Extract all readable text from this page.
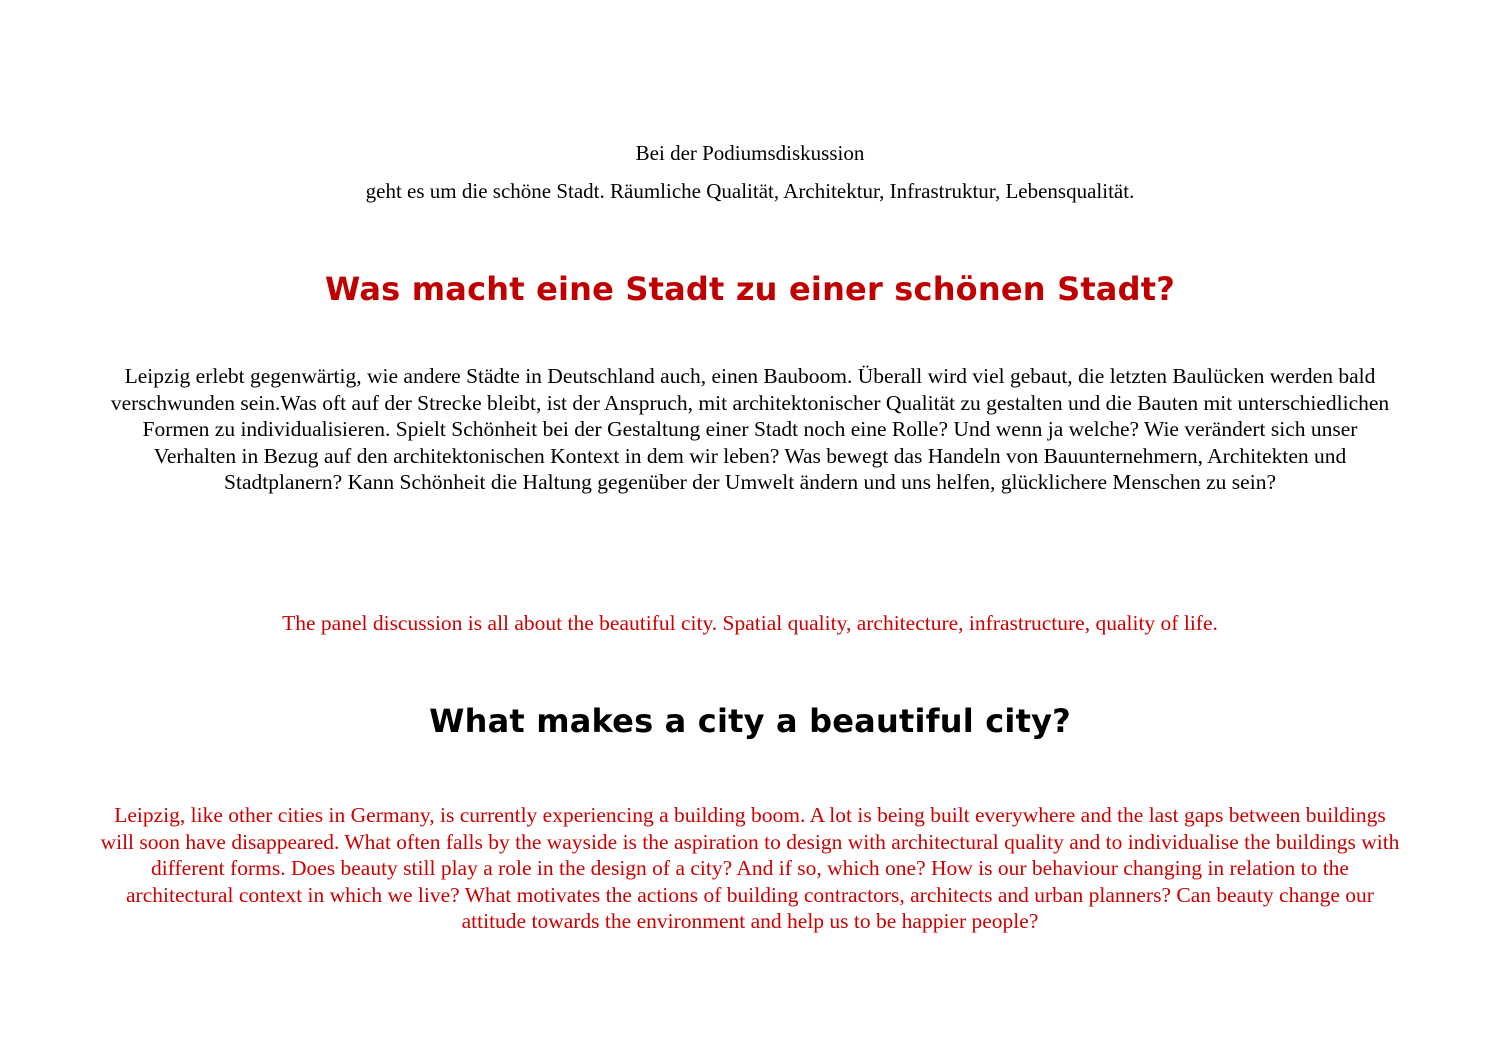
Bei der Podiumsdiskussion

geht es um die schöne Stadt. Räumliche Qualität, Architektur, Infrastruktur, Lebensqualität.

Was macht eine Stadt zu einer schönen Stadt?

Leipzig erlebt gegenwärtig, wie andere Städte in Deutschland auch, einen Bauboom. Überall wird viel gebaut, die letzten Baulücken werden bald verschwunden sein.Was oft auf der Strecke bleibt, ist der Anspruch, mit architektonischer Qualität zu gestalten und die Bauten mit unterschiedlichen Formen zu individualisieren. Spielt Schönheit bei der Gestaltung einer Stadt noch eine Rolle? Und wenn ja welche? Wie verändert sich unser Verhalten in Bezug auf den architektonischen Kontext in dem wir leben? Was bewegt das Handeln von Bauunternehmern, Architekten und Stadtplanern? Kann Schönheit die Haltung gegenüber der Umwelt ändern und uns helfen, glücklichere Menschen zu sein?

The panel discussion is all about the beautiful city. Spatial quality, architecture, infrastructure, quality of life.

What makes a city a beautiful city?

Leipzig, like other cities in Germany, is currently experiencing a building boom. A lot is being built everywhere and the last gaps between buildings will soon have disappeared. What often falls by the wayside is the aspiration to design with architectural quality and to individualise the buildings with different forms. Does beauty still play a role in the design of a city? And if so, which one? How is our behaviour changing in relation to the architectural context in which we live? What motivates the actions of building contractors, architects and urban planners? Can beauty change our attitude towards the environment and help us to be happier people?
